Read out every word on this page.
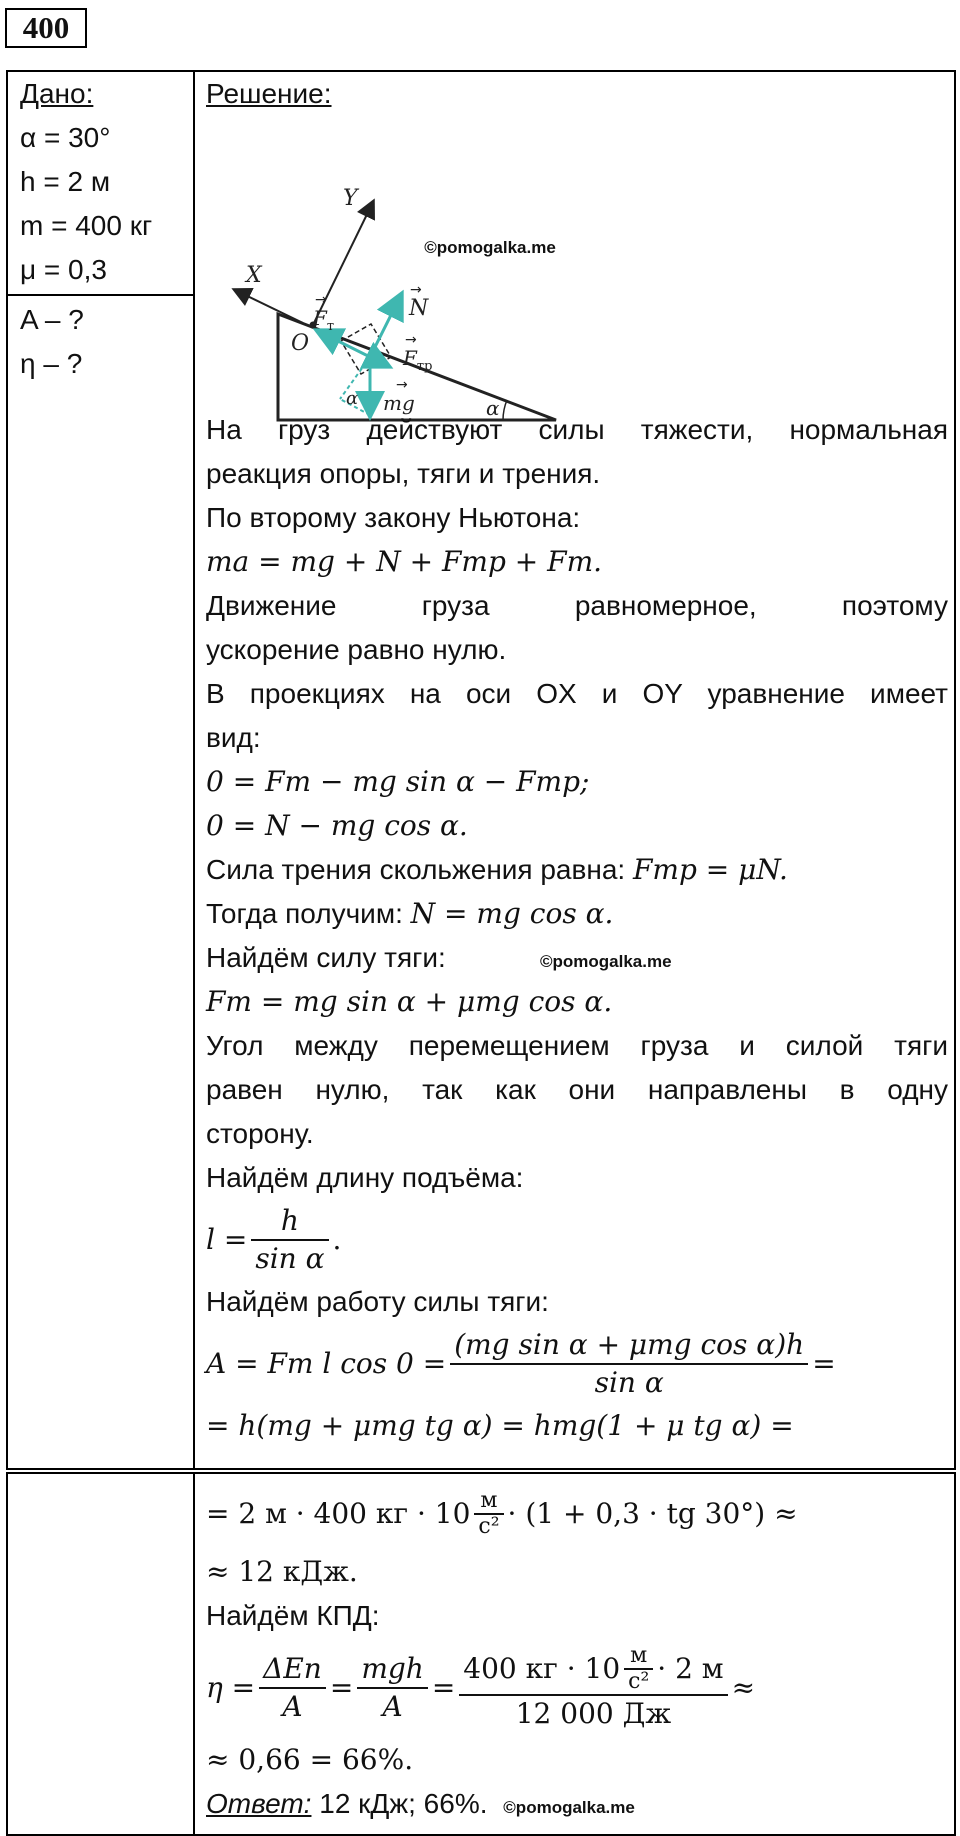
400
Дано:
α = 30°
h = 2 м
m = 400 кг
μ = 0,3
A – ?
η – ?
Решение:
X
Y
O
$F_т$
→	N
→
$F_{тр}$
→
mg
→
α	α
©pomogalka.me
На груз действуют силы тяжести, нормальная
реакция опоры, тяги и трения.
По второму закону Ньютона:
ma = mg + N + Fтр + Fт.
Движение груза равномерное, поэтому
ускорение равно нулю.
В проекциях на оси OX и OY уравнение имеет
вид:
0 = Fт − mg sin α − Fтр;
0 = N − mg cos α.
Сила трения скольжения равна: Fтр = μN.
Тогда получим: N = mg cos α.
Найдём силу тяги:
Fт = mg sin α + μmg cos α.
Угол между перемещением груза и силой тяги
равен нулю, так как они направлены в одну
сторону.
Найдём длину подъёма:
$l = \frac{h}{\text{sin α}}$ .
Найдём работу силы тяги:
A = Fт l $\cos 0 = \frac{\text{(mg sin α + μmg cos α)h}}{\text{sin α}}$ =
= h(mg + μmg tg α) = hmg(1 + μ tg α) =
©pomogalka.me
= 2 м · 400 кг · $10 \frac{м}{\text{с²}} \cdot (1 + 0,3$ · tg 30°) ≈
≈ 12 кДж.
Найдём КПД:
$\eta = \frac{\text{ΔEп}}{A} = \frac{\text{mgh}}{A} = \frac{400 кг \cdot 10 \frac{м}{\text{с²}} \cdot 2 м}{12 000 Дж}$ ≈
≈ 0,66 = 66%.
Ответ: 12 кДж; 66%. ©pomogalka.me
